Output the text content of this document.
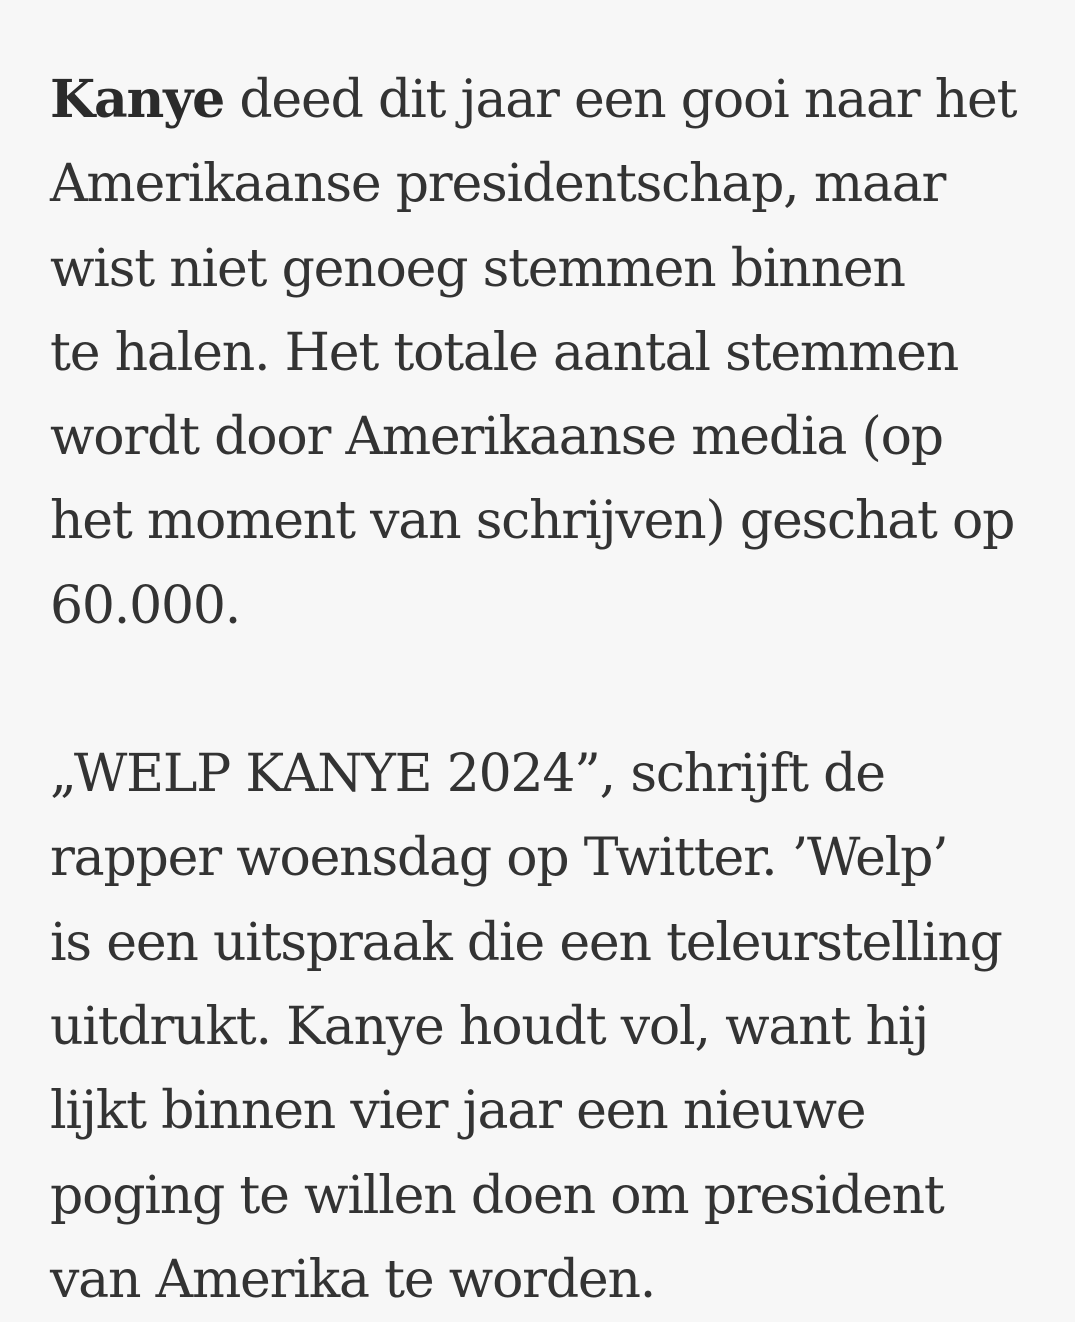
Kanye deed dit jaar een gooi naar het
Amerikaanse presidentschap, maar
wist niet genoeg stemmen binnen
te halen. Het totale aantal stemmen
wordt door Amerikaanse media (op
het moment van schrijven) geschat op
60.000.

„WELP KANYE 2024”, schrijft de
rapper woensdag op Twitter. ’Welp’
is een uitspraak die een teleurstelling
uitdrukt. Kanye houdt vol, want hij
lijkt binnen vier jaar een nieuwe
poging te willen doen om president
van Amerika te worden.
